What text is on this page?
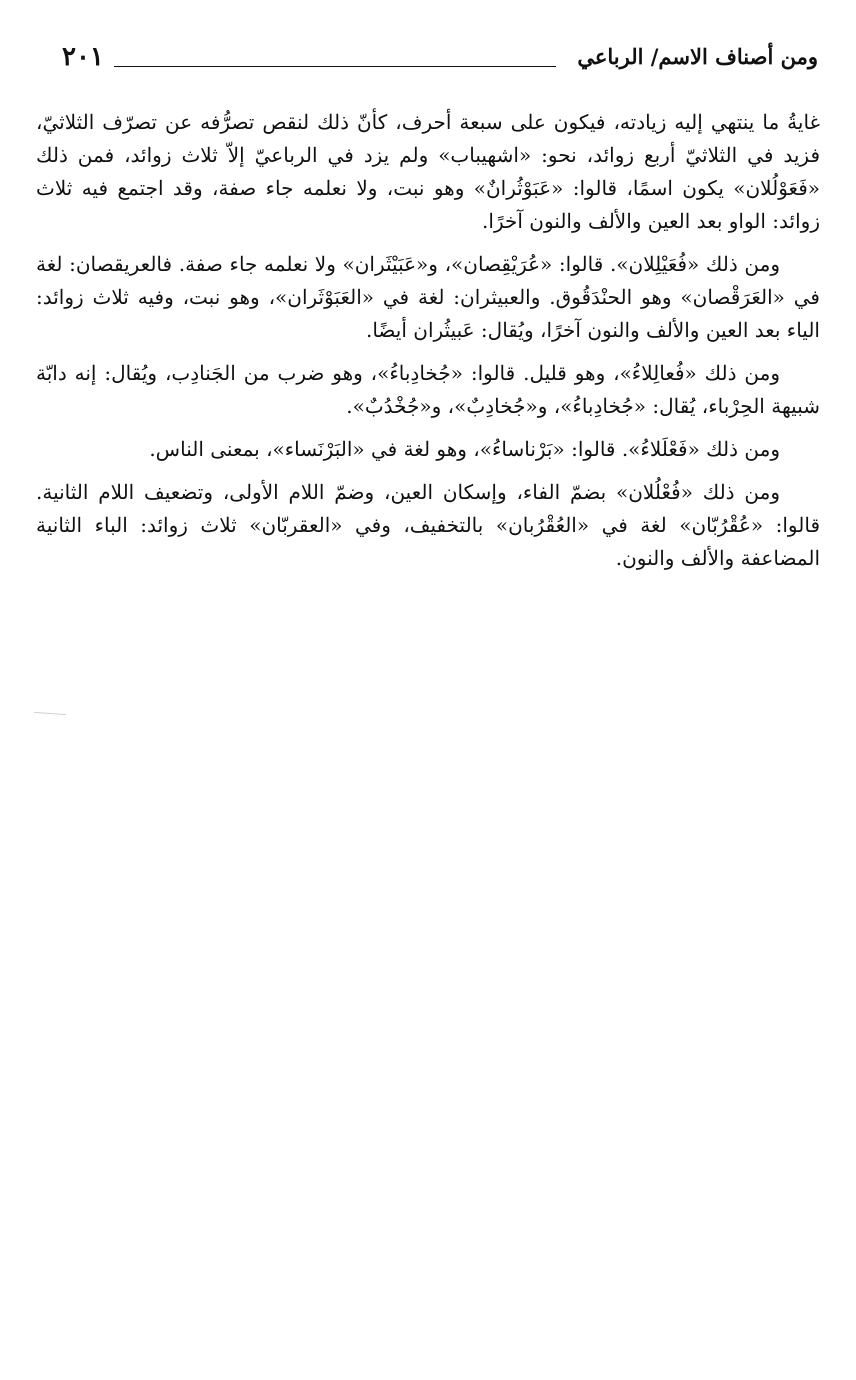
ومن أصناف الاسم/ الرباعي
٢٠١

غايةُ ما ينتهي إليه زيادته، فيكون على سبعة أحرف، كأنّ ذلك لنقص تصرُّفه عن تصرّف الثلاثيّ، فزيد في الثلاثيّ أربع زوائد، نحو: «اشهيباب» ولم يزد في الرباعيّ إلاّ ثلاث زوائد، فمن ذلك «فَعَوْلُلان» يكون اسمًا، قالوا: «عَبَوْثُرانٌ» وهو نبت، ولا نعلمه جاء صفة، وقد اجتمع فيه ثلاث زوائد: الواو بعد العين والألف والنون آخرًا.

ومن ذلك «فُعَيْلِلان». قالوا: «عُرَيْقِصان»، و«عَبَيْثَران» ولا نعلمه جاء صفة. فالعريقصان: لغة في «العَرَقْصان» وهو الحنْدَقُوق. والعبيثران: لغة في «العَبَوْثَران»، وهو نبت، وفيه ثلاث زوائد: الياء بعد العين والألف والنون آخرًا، ويُقال: عَبيثُران أيضًا.

ومن ذلك «فُعالِلاءُ»، وهو قليل. قالوا: «جُخادِباءُ»، وهو ضرب من الجَنادِب، ويُقال: إنه دابّة شبيهة الحِرْباء، يُقال: «جُخادِباءُ»، و«جُخادِبٌ»، و«جُخْدُبٌ».

ومن ذلك «فَعْلَلاءُ». قالوا: «بَرْناساءُ»، وهو لغة في «البَرْنَساء»، بمعنى الناس.

ومن ذلك «فُعْلُلان» بضمّ الفاء، وإسكان العين، وضمّ اللام الأولى، وتضعيف اللام الثانية. قالوا: «عُقْرُبّان» لغة في «العُقْرُبان» بالتخفيف، وفي «العقربّان» ثلاث زوائد: الباء الثانية المضاعفة والألف والنون.
